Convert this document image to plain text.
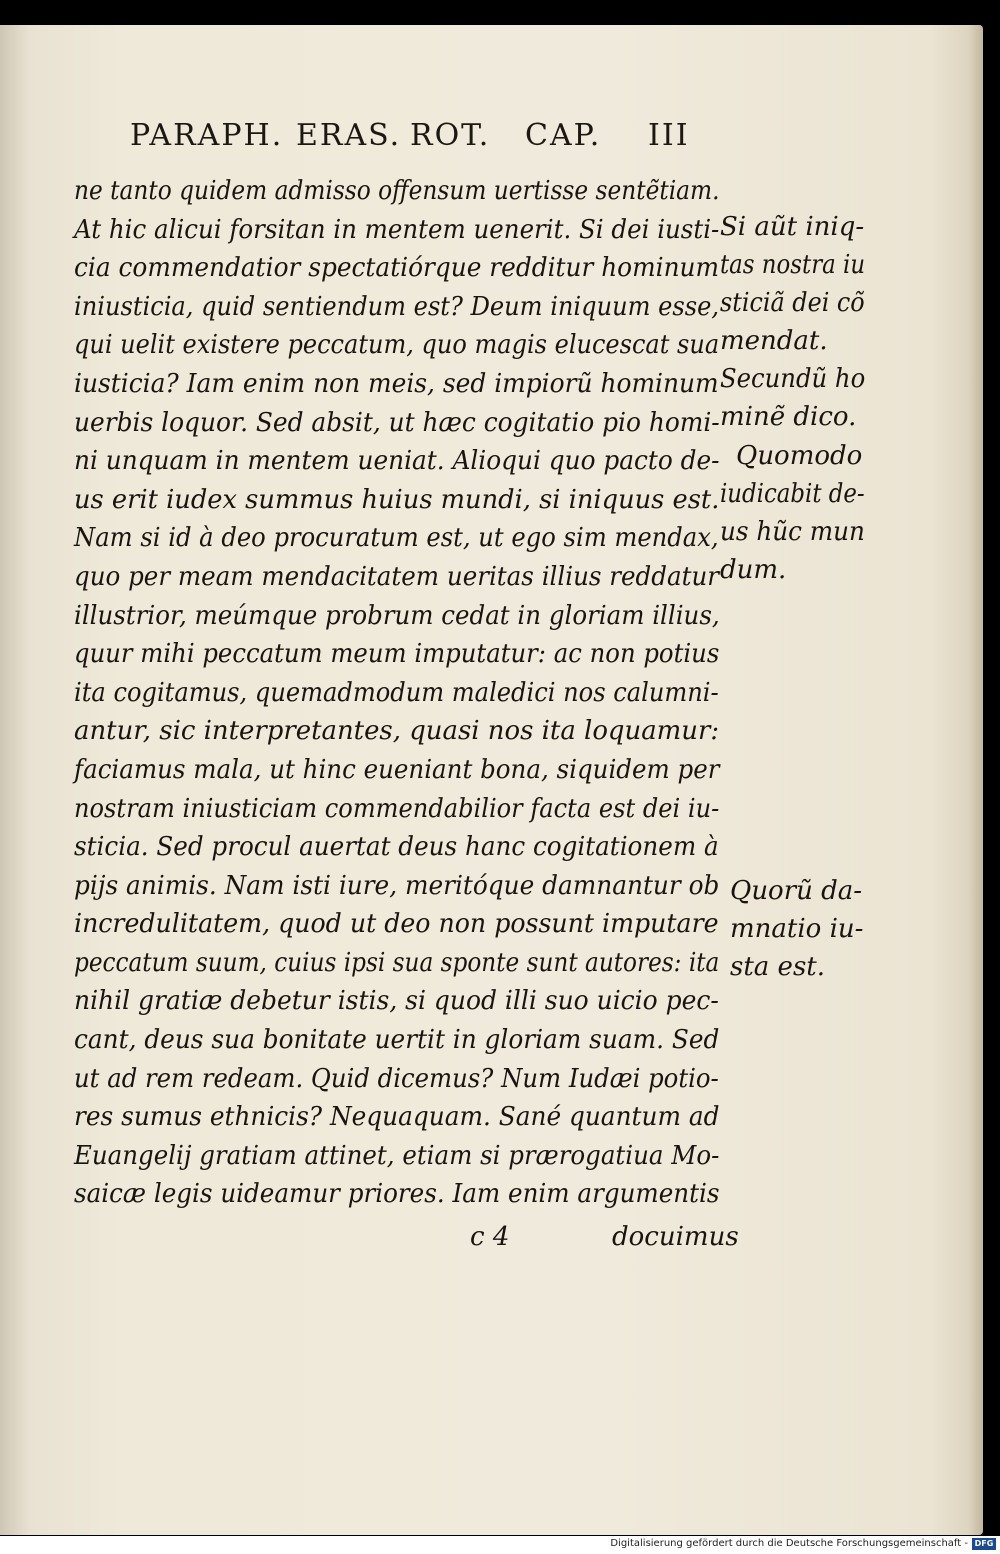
PARAPH. ERAS. ROT. CAP. III
ne tanto quidem admisso offensum uertisse sentẽtiam.
At hic alicui forsitan in mentem uenerit. Si dei iusti-
cia commendatior spectatiórque redditur hominum
iniusticia, quid sentiendum est? Deum iniquum esse,
qui uelit existere peccatum, quo magis elucescat sua
iusticia? Iam enim non meis, sed impiorũ hominum
uerbis loquor. Sed absit, ut hæc cogitatio pio homi-
ni unquam in mentem ueniat. Alioqui quo pacto de-
us erit iudex summus huius mundi, si iniquus est.
Nam si id à deo procuratum est, ut ego sim mendax,
quo per meam mendacitatem ueritas illius reddatur
illustrior, meúmque probrum cedat in gloriam illius,
quur mihi peccatum meum imputatur: ac non potius
ita cogitamus, quemadmodum maledici nos calumni-
antur, sic interpretantes, quasi nos ita loquamur:
faciamus mala, ut hinc eueniant bona, siquidem per
nostram iniusticiam commendabilior facta est dei iu-
sticia. Sed procul auertat deus hanc cogitationem à
pijs animis. Nam isti iure, meritóque damnantur ob
incredulitatem, quod ut deo non possunt imputare
peccatum suum, cuius ipsi sua sponte sunt autores: ita
nihil gratiæ debetur istis, si quod illi suo uicio pec-
cant, deus sua bonitate uertit in gloriam suam. Sed
ut ad rem redeam. Quid dicemus? Num Iudæi potio-
res sumus ethnicis? Nequaquam. Sané quantum ad
Euangelij gratiam attinet, etiam si prærogatiua Mo-
saicæ legis uideamur priores. Iam enim argumentis
Si aũt iniq-
tas nostra iu
sticiã dei cõ
mendat.
Secundũ ho
minẽ dico.
Quomodo
iudicabit de-
us hũc mun
dum.
Quorũ da-
mnatio iu-
sta est.
c 4	docuimus
Digitalisierung gefördert durch die Deutsche Forschungsgemeinschaft - DFG
